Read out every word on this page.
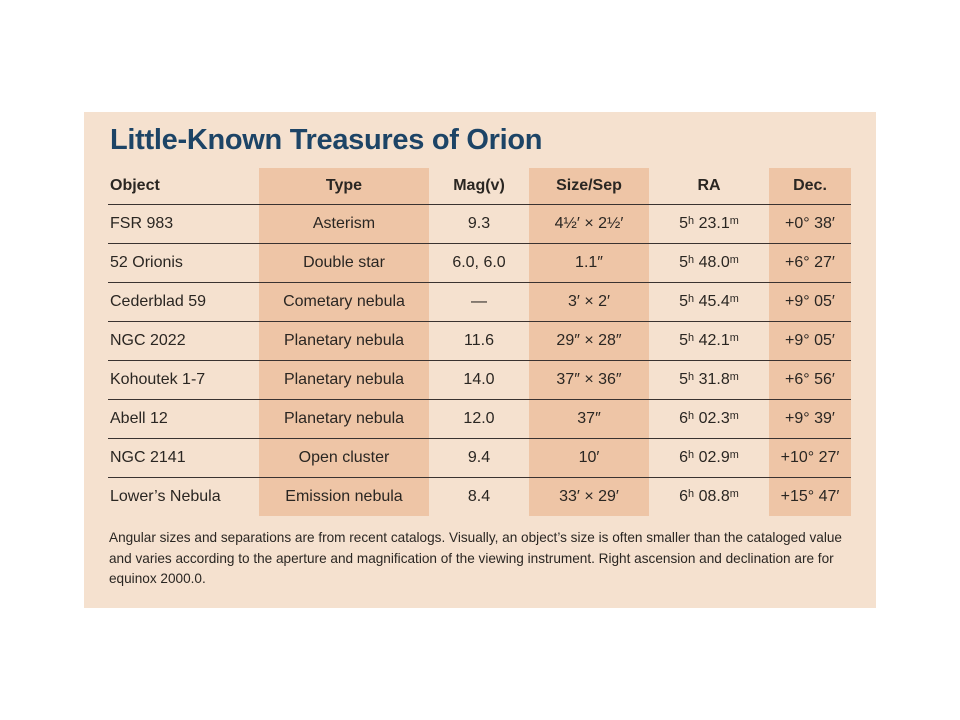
Little-Known Treasures of Orion
Object	Type	Mag(v)	Size/Sep	RA	Dec.
FSR 983	Asterism	9.3	4½′ × 2½′	5ʰ 23.1ᵐ	+0° 38′
52 Orionis	Double star	6.0, 6.0	1.1″	5ʰ 48.0ᵐ	+6° 27′
Cederblad 59	Cometary nebula	—	3′ × 2′	5ʰ 45.4ᵐ	+9° 05′
NGC 2022	Planetary nebula	11.6	29″ × 28″	5ʰ 42.1ᵐ	+9° 05′
Kohoutek 1-7	Planetary nebula	14.0	37″ × 36″	5ʰ 31.8ᵐ	+6° 56′
Abell 12	Planetary nebula	12.0	37″	6ʰ 02.3ᵐ	+9° 39′
NGC 2141	Open cluster	9.4	10′	6ʰ 02.9ᵐ	+10° 27′
Lower’s Nebula	Emission nebula	8.4	33′ × 29′	6ʰ 08.8ᵐ	+15° 47′

Angular sizes and separations are from recent catalogs. Visually, an object’s size is often smaller than the cataloged value and varies according to the aperture and magnification of the viewing instrument. Right ascension and declination are for equinox 2000.0.
